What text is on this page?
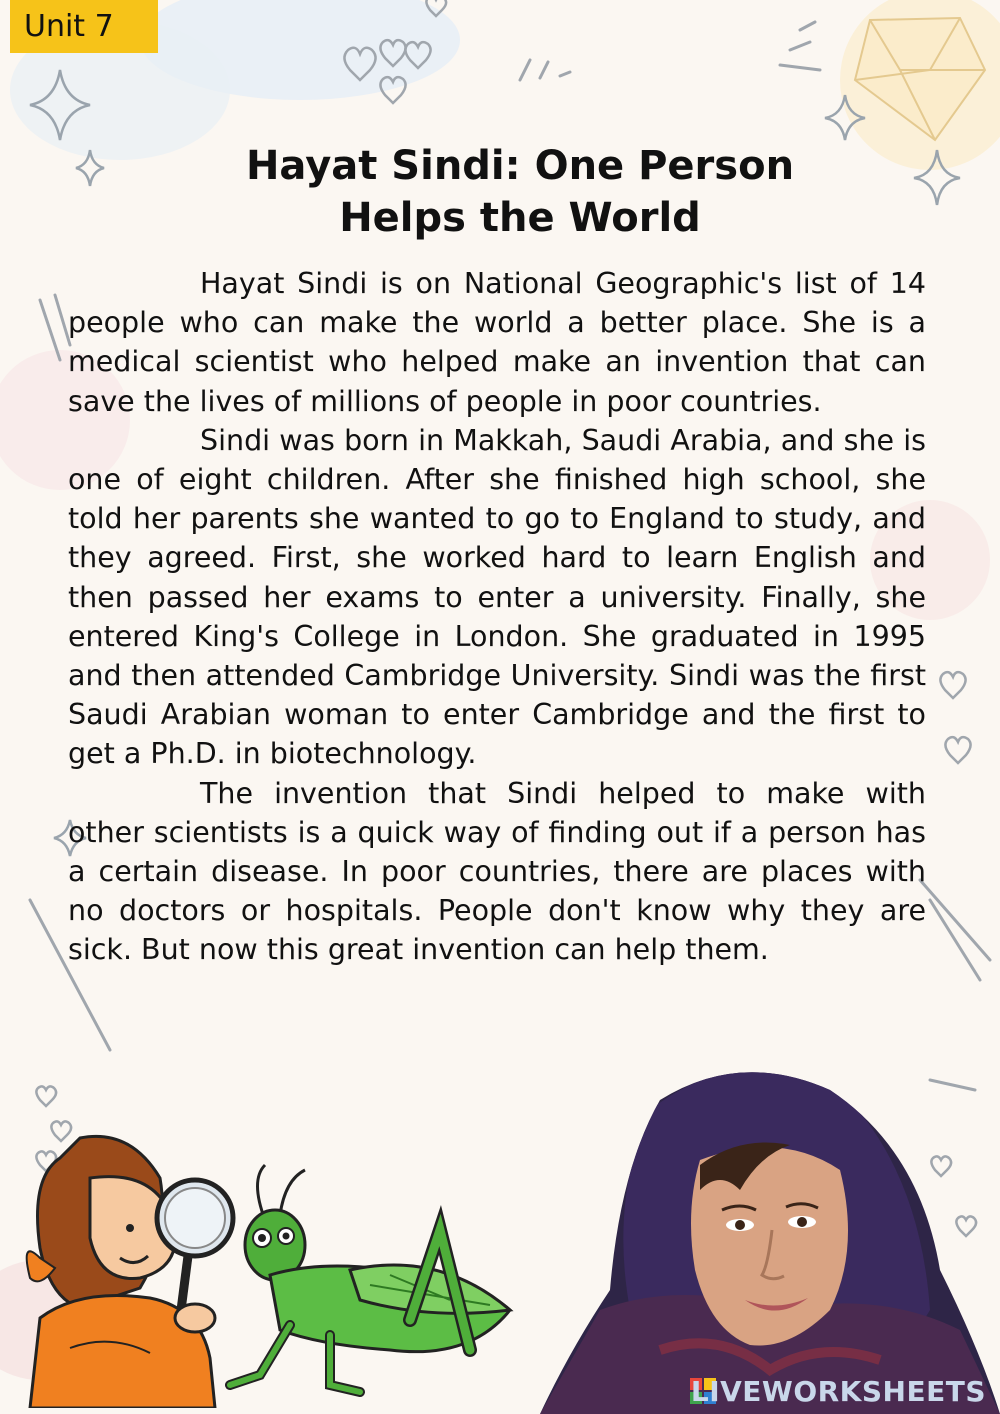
Unit 7
Hayat Sindi: One Person
Helps the World

Hayat Sindi is on National Geographic's list of 14 people who can make the world a better place. She is a medical scientist who helped make an invention that can save the lives of millions of people in poor countries.

Sindi was born in Makkah, Saudi Arabia, and she is one of eight children. After she finished high school, she told her parents she wanted to go to England to study, and they agreed. First, she worked hard to learn English and then passed her exams to enter a university. Finally, she entered King's College in London. She graduated in 1995 and then attended Cambridge University. Sindi was the first Saudi Arabian woman to enter Cambridge and the first to get a Ph.D. in biotechnology.

The invention that Sindi helped to make with other scientists is a quick way of finding out if a person has a certain disease. In poor countries, there are places with no doctors or hospitals. People don't know why they are sick. But now this great invention can help them.

LIVEWORKSHEETS
